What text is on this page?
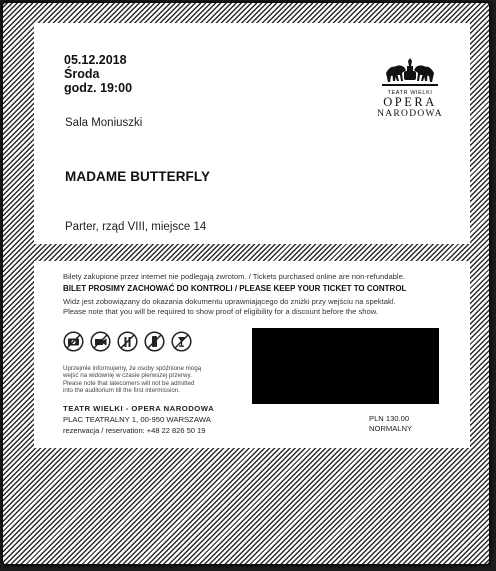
05.12.2018
Środa
godz. 19:00
Sala Moniuszki
MADAME BUTTERFLY
Parter, rząd VIII, miejsce 14
TEATR WIELKI
OPERA
NARODOWA
Bilety zakupione przez internet nie podlegają zwrotom. / Tickets purchased online are non-refundable.
BILET PROSIMY ZACHOWAĆ DO KONTROLI / PLEASE KEEP YOUR TICKET TO CONTROL
Widz jest zobowiązany do okazania dokumentu uprawniającego do zniżki przy wejściu na spektakl.
Please note that you will be required to show proof of eligibility for a discount before the show.
Uprzejmie informujemy, że osoby spóźnione mogą
wejść na widownię w czasie pierwszej przerwy.
Please note that latecomers will not be admitted
into the auditorium till the first intermission.
TEATR WIELKI - OPERA NARODOWA
PLAC TEATRALNY 1, 00-950 WARSZAWA
rezerwacja / reservation: +48 22 826 50 19
PLN 130.00
NORMALNY
